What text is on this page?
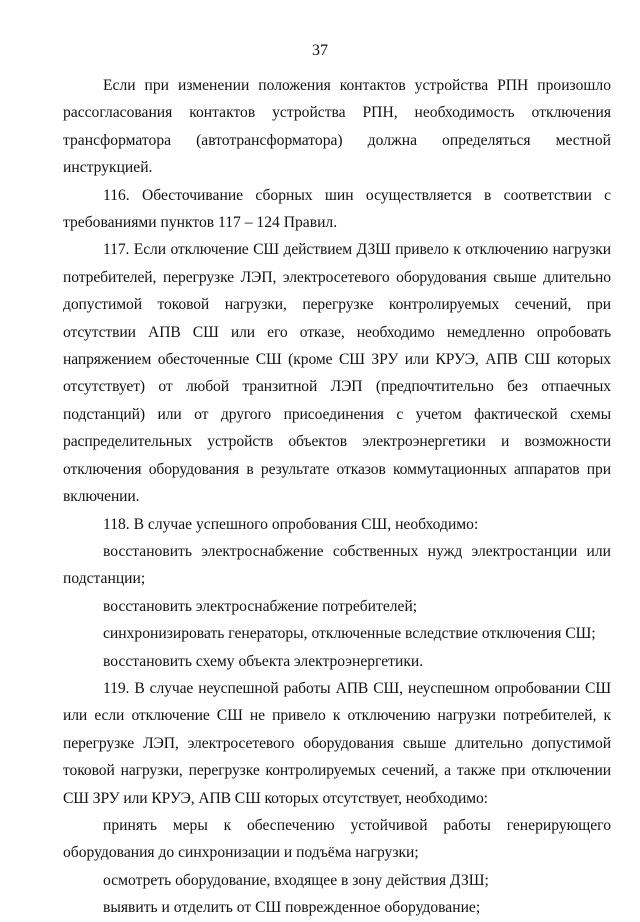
37

Если при изменении положения контактов устройства РПН произошло рассогласования контактов устройства РПН, необходимость отключения трансформатора (автотрансформатора) должна определяться местной инструкцией.

116. Обесточивание сборных шин осуществляется в соответствии с требованиями пунктов 117 – 124 Правил.

117. Если отключение СШ действием ДЗШ привело к отключению нагрузки потребителей, перегрузке ЛЭП, электросетевого оборудования свыше длительно допустимой токовой нагрузки, перегрузке контролируемых сечений, при отсутствии АПВ СШ или его отказе, необходимо немедленно опробовать напряжением обесточенные СШ (кроме СШ ЗРУ или КРУЭ, АПВ СШ которых отсутствует) от любой транзитной ЛЭП (предпочтительно без отпаечных подстанций) или от другого присоединения с учетом фактической схемы распределительных устройств объектов электроэнергетики и возможности отключения оборудования в результате отказов коммутационных аппаратов при включении.

118. В случае успешного опробования СШ, необходимо:

восстановить электроснабжение собственных нужд электростанции или подстанции;

восстановить электроснабжение потребителей;

синхронизировать генераторы, отключенные вследствие отключения СШ;

восстановить схему объекта электроэнергетики.

119. В случае неуспешной работы АПВ СШ, неуспешном опробовании СШ или если отключение СШ не привело к отключению нагрузки потребителей, к перегрузке ЛЭП, электросетевого оборудования свыше длительно допустимой токовой нагрузки, перегрузке контролируемых сечений, а также при отключении СШ ЗРУ или КРУЭ, АПВ СШ которых отсутствует, необходимо:

принять меры к обеспечению устойчивой работы генерирующего оборудования до синхронизации и подъёма нагрузки;

осмотреть оборудование, входящее в зону действия ДЗШ;

выявить и отделить от СШ поврежденное оборудование;
